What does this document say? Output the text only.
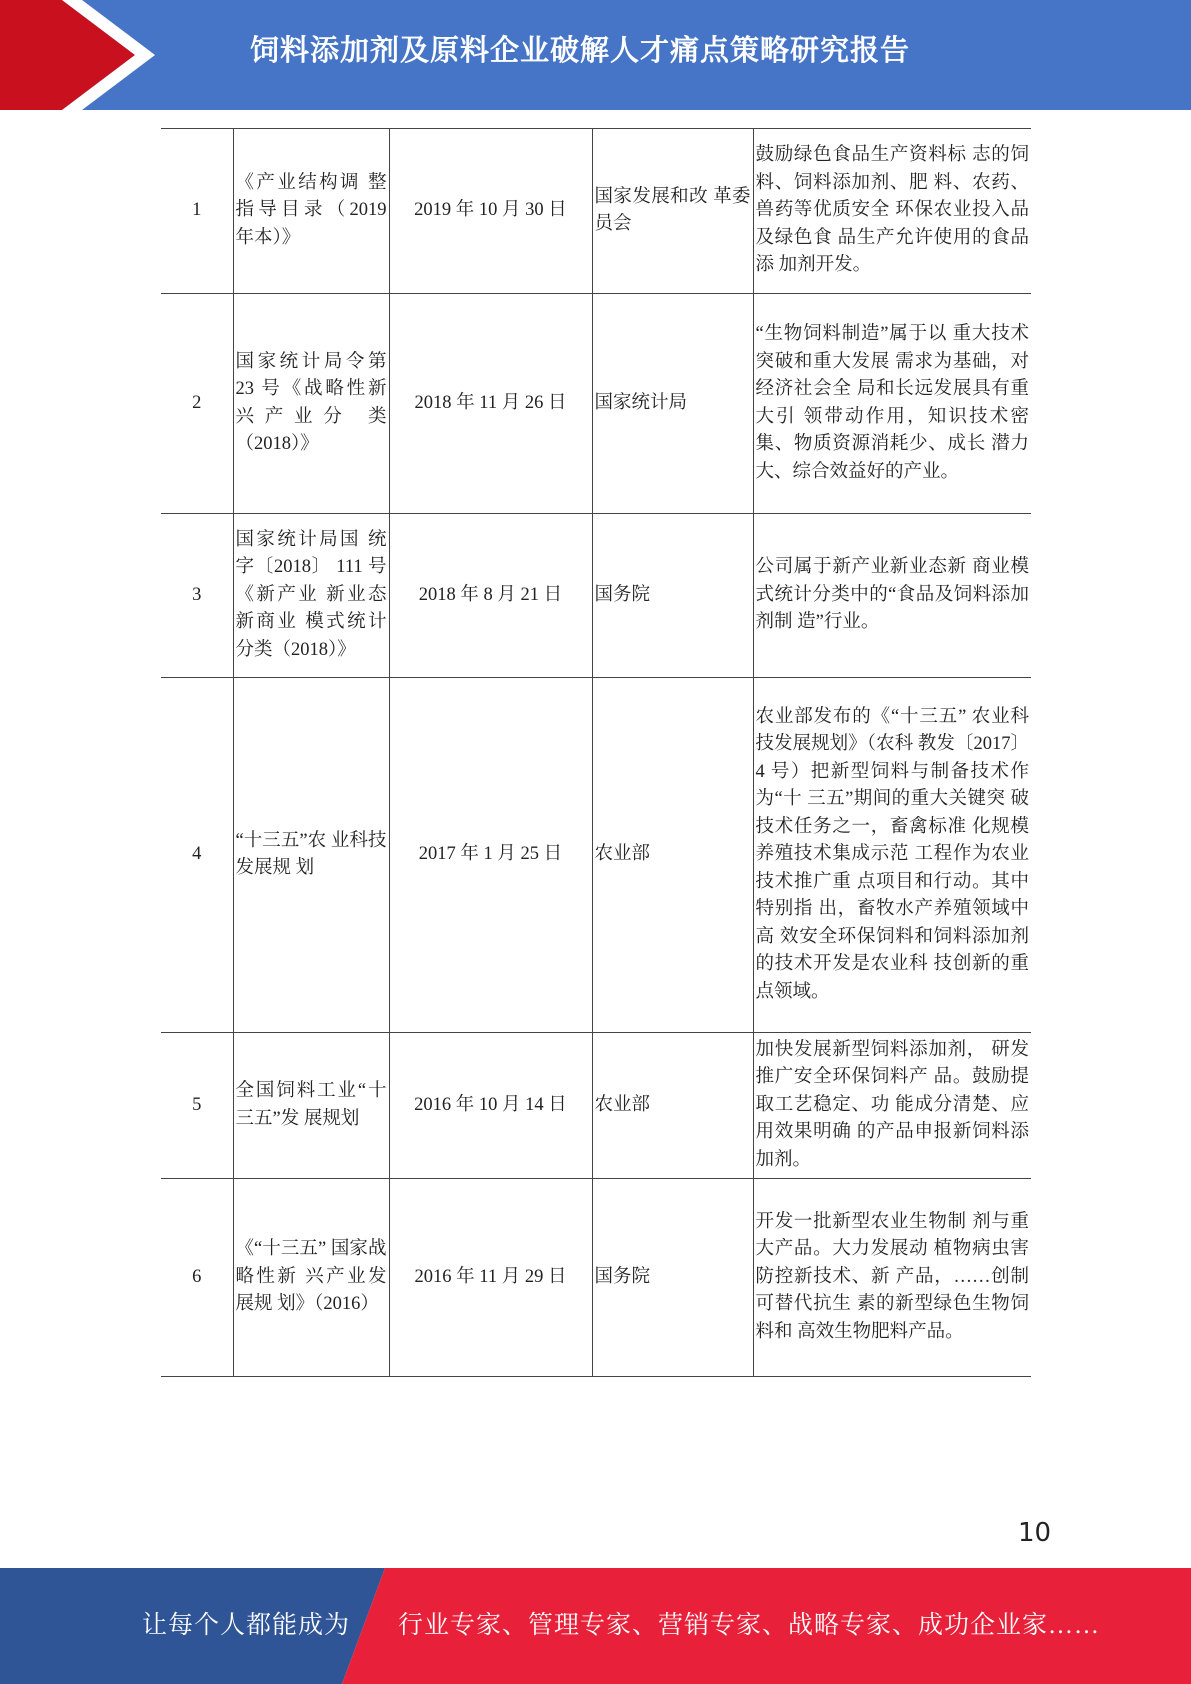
饲料添加剂及原料企业破解人才痛点策略研究报告
1	《产业结构调 整指导目录（2019 年本）》	2019 年 10 月 30 日	国家发展和改 革委员会	鼓励绿色食品生产资料标 志的饲料、饲料添加剂、肥 料、农药、兽药等优质安全 环保农业投入品及绿色食 品生产允许使用的食品添 加剂开发。
2	国家统计局令第 23 号《战略性新兴产业分 类（2018）》	2018 年 11 月 26 日	国家统计局	“生物饲料制造”属于以 重大技术突破和重大发展 需求为基础，对经济社会全 局和长远发展具有重大引 领带动作用，知识技术密 集、物质资源消耗少、成长 潜力大、综合效益好的产业。
3	国家统计局国 统字〔2018〕 111 号《新产业 新业态新商业 模式统计分类（2018）》	2018 年 8 月 21 日	国务院	公司属于新产业新业态新 商业模式统计分类中的“食品及饲料添加剂制 造”行业。
4	“十三五”农 业科技发展规 划	2017 年 1 月 25 日	农业部	农业部发布的《“十三五” 农业科技发展规划》（农科 教发〔2017〕4 号）把新型饲料与制备技术作为“十 三五”期间的重大关键突 破技术任务之一，畜禽标准 化规模养殖技术集成示范 工程作为农业技术推广重 点项目和行动。其中特别指 出，畜牧水产养殖领域中高 效安全环保饲料和饲料添加剂的技术开发是农业科 技创新的重点领域。
5	全国饲料工业“十三五”发 展规划	2016 年 10 月 14 日	农业部	加快发展新型饲料添加剂， 研发推广安全环保饲料产 品。鼓励提取工艺稳定、功 能成分清楚、应用效果明确 的产品申报新饲料添加剂。
6	《“十三五” 国家战略性新 兴产业发展规 划》（2016）	2016 年 11 月 29 日	国务院	开发一批新型农业生物制 剂与重大产品。大力发展动 植物病虫害防控新技术、新 产品，……创制可替代抗生 素的新型绿色生物饲料和 高效生物肥料产品。
10
让每个人都能成为 行业专家、管理专家、营销专家、战略专家、成功企业家……
